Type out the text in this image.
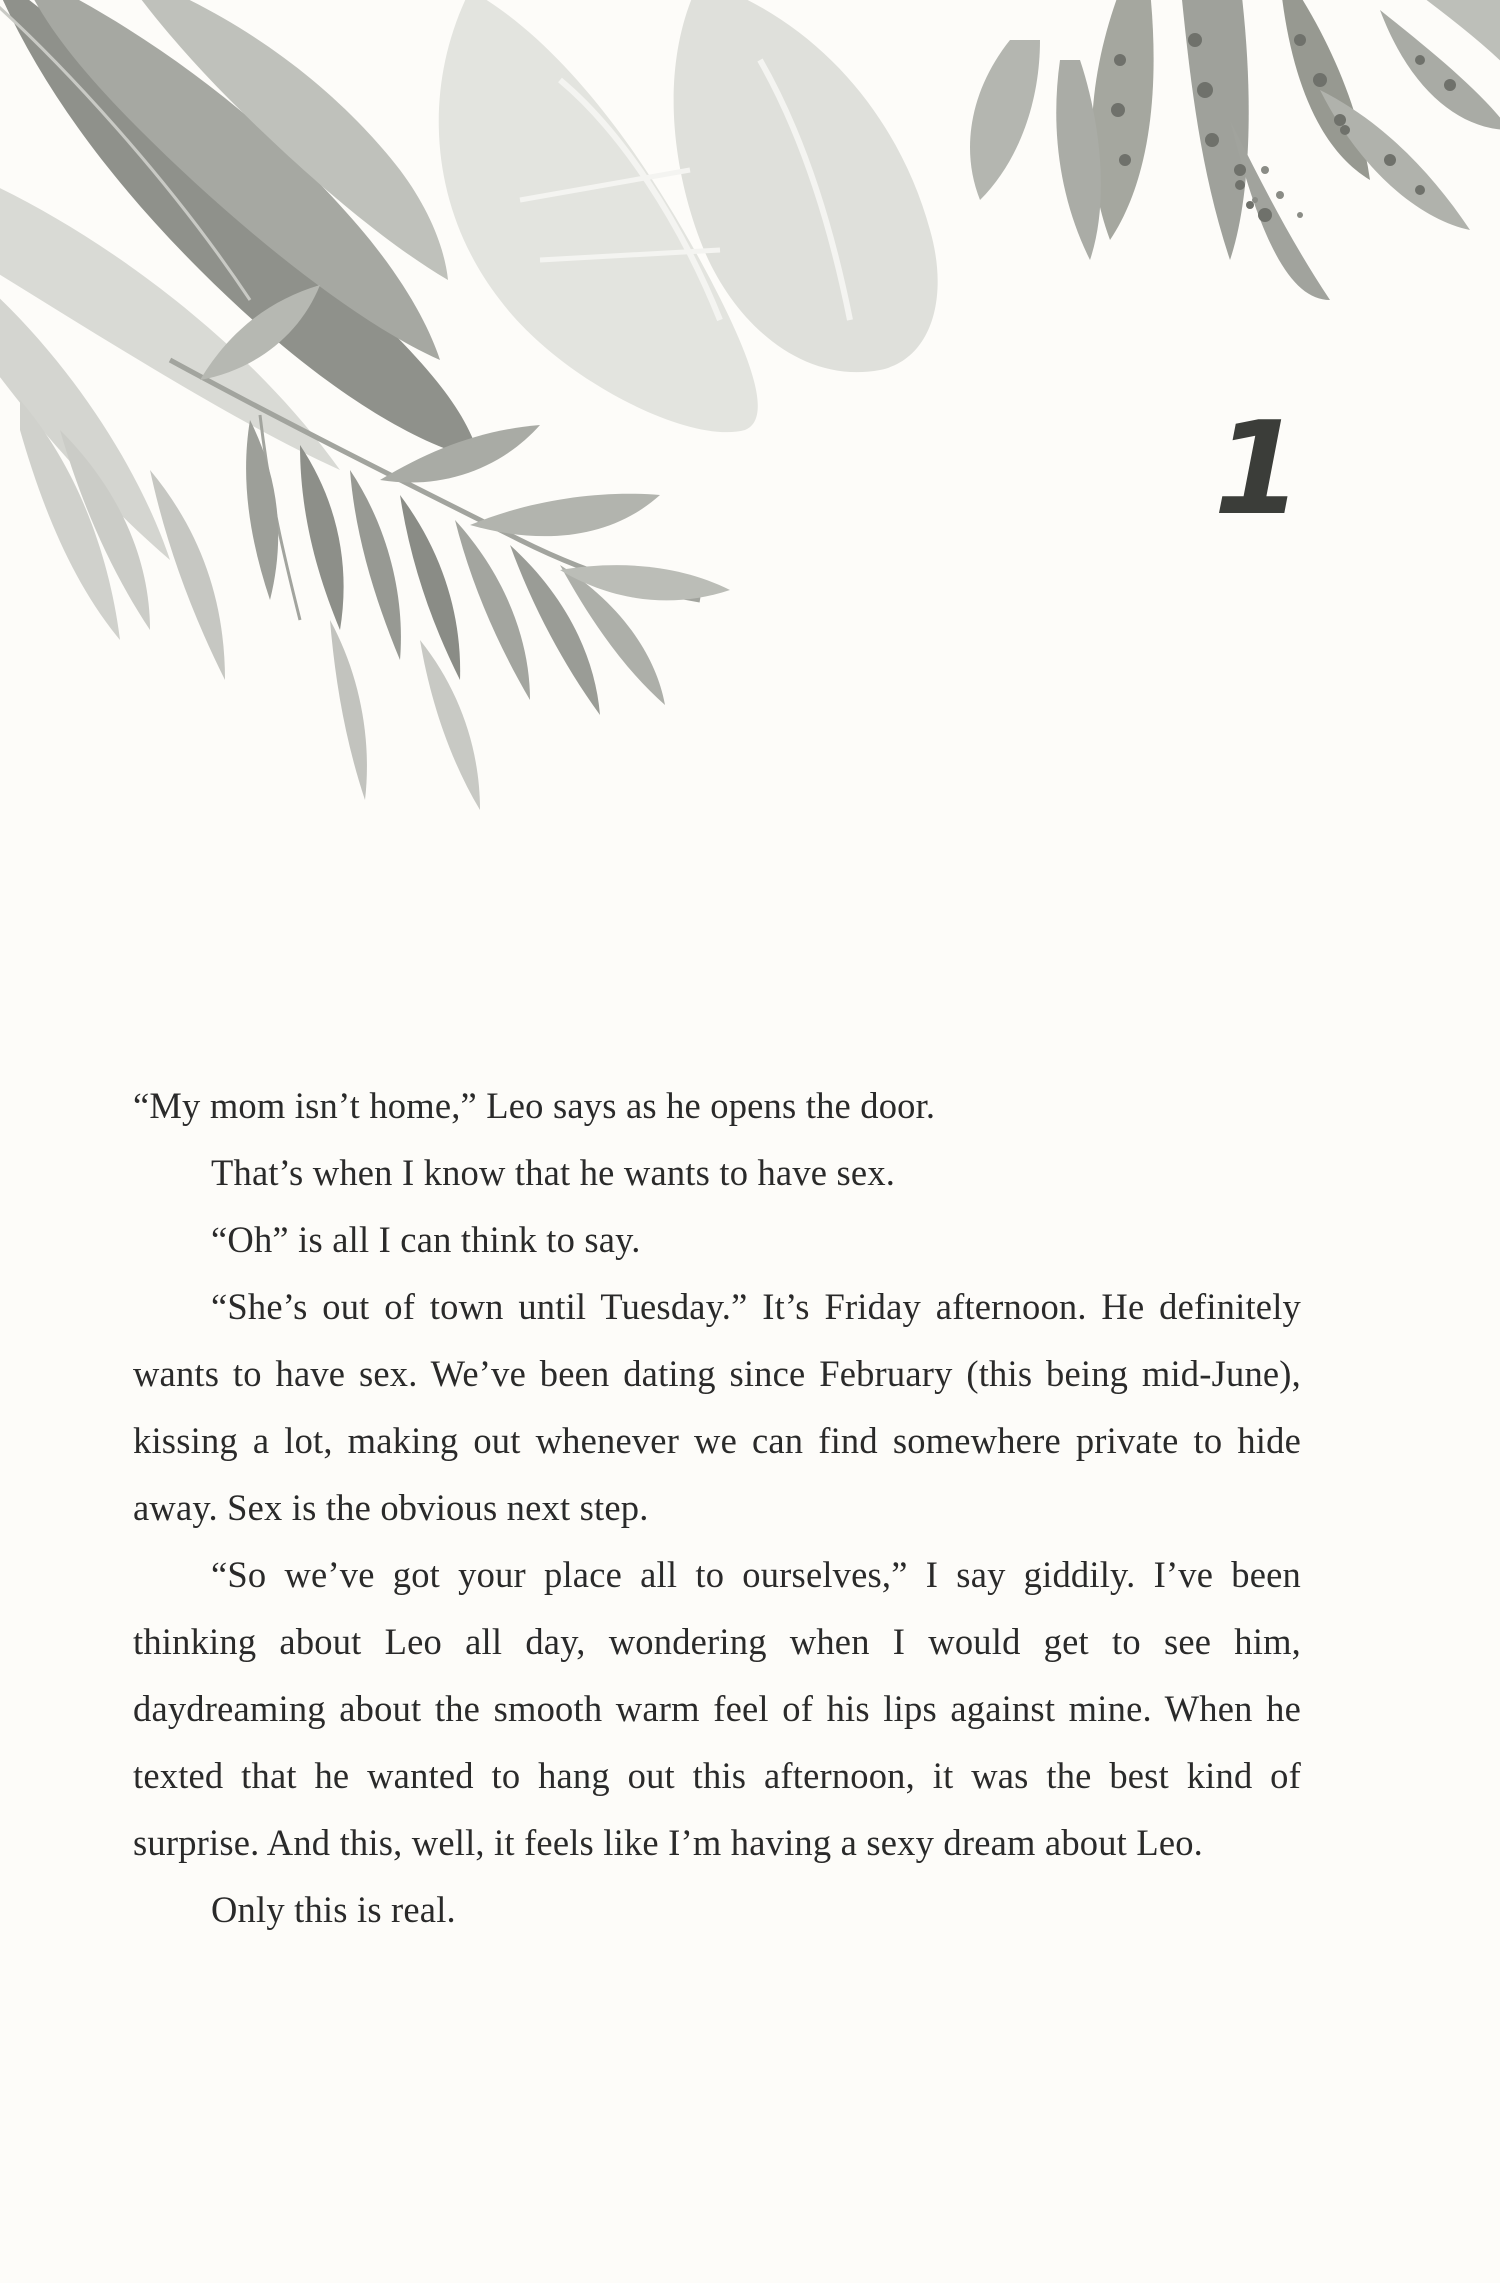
1

“My mom isn’t home,” Leo says as he opens the door.

That’s when I know that he wants to have sex.

“Oh” is all I can think to say.

“She’s out of town until Tuesday.” It’s Friday afternoon. He definitely wants to have sex. We’ve been dating since February (this being mid-June), kissing a lot, making out whenever we can find somewhere private to hide away. Sex is the obvious next step.

“So we’ve got your place all to ourselves,” I say giddily. I’ve been thinking about Leo all day, wondering when I would get to see him, daydreaming about the smooth warm feel of his lips against mine. When he texted that he wanted to hang out this afternoon, it was the best kind of surprise. And this, well, it feels like I’m having a sexy dream about Leo.

Only this is real.
